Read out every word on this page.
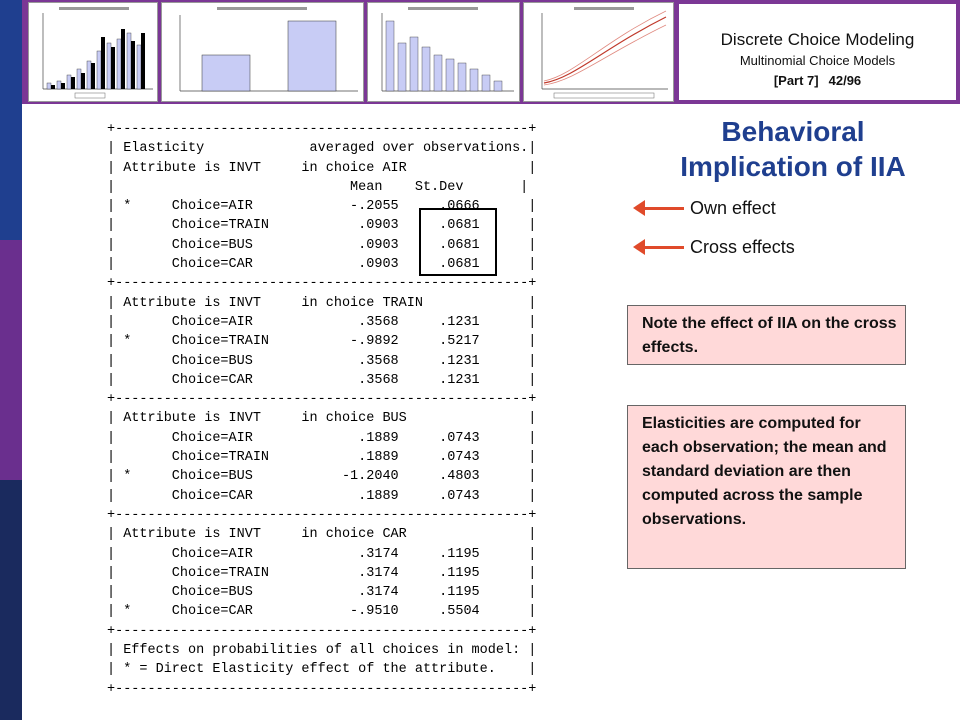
Discrete Choice Modeling
Multinomial Choice Models
[Part 7] 42/96
+---------------------------------------------------+
| Elasticity             averaged over observations.|
| Attribute is INVT     in choice AIR               |
|                             Mean    St.Dev       |
| *     Choice=AIR            -.2055     .0666      |
|       Choice=TRAIN           .0903     .0681      |
|       Choice=BUS             .0903     .0681      |
|       Choice=CAR             .0903     .0681      |
+---------------------------------------------------+
| Attribute is INVT     in choice TRAIN             |
|       Choice=AIR             .3568     .1231      |
| *     Choice=TRAIN          -.9892     .5217      |
|       Choice=BUS             .3568     .1231      |
|       Choice=CAR             .3568     .1231      |
+---------------------------------------------------+
| Attribute is INVT     in choice BUS               |
|       Choice=AIR             .1889     .0743      |
|       Choice=TRAIN           .1889     .0743      |
| *     Choice=BUS           -1.2040     .4803      |
|       Choice=CAR             .1889     .0743      |
+---------------------------------------------------+
| Attribute is INVT     in choice CAR               |
|       Choice=AIR             .3174     .1195      |
|       Choice=TRAIN           .3174     .1195      |
|       Choice=BUS             .3174     .1195      |
| *     Choice=CAR            -.9510     .5504      |
+---------------------------------------------------+
| Effects on probabilities of all choices in model: |
| * = Direct Elasticity effect of the attribute.    |
+---------------------------------------------------+
Behavioral
Implication of IIA
Own effect
Cross effects
Note the effect of IIA on the cross effects.
Elasticities are computed for each observation; the mean and standard deviation are then computed across the sample observations.
